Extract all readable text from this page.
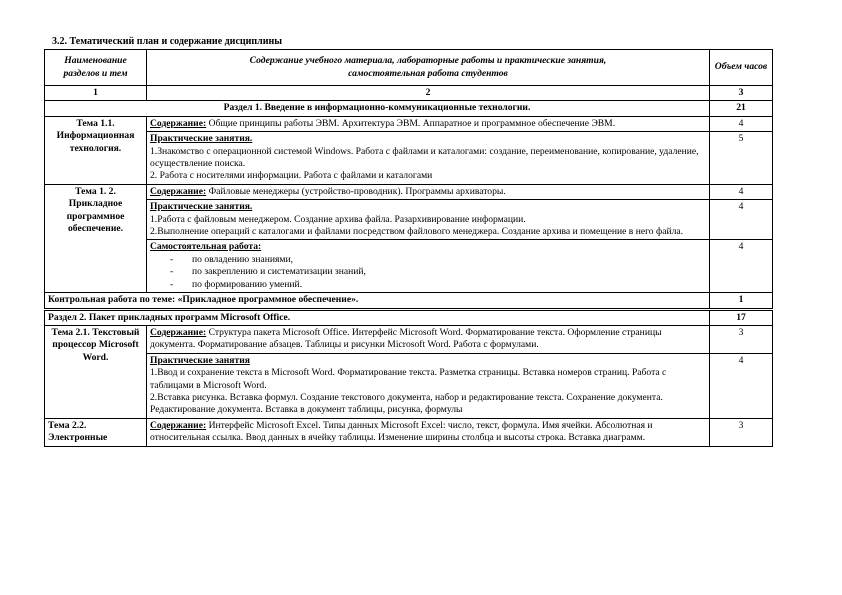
3.2. Тематический план и содержание дисциплины
Наименование разделов и тем	Содержание учебного материала, лабораторные работы и практические занятия,
самостоятельная работа студентов	Объем часов
1	2	3
Раздел 1. Введение в информационно-коммуникационные технологии.		21
Тема 1.1. Информационная технология.	Содержание: Общие принципы работы ЭВМ. Архитектура ЭВМ. Аппаратное и программное обеспечение ЭВМ.	4

	Практические занятия.
1.Знакомство с операционной системой Windows. Работа с файлами и каталогами: создание, переименование, копирование, удаление, осуществление поиска.
2. Работа с носителями информации. Работа с файлами и каталогами	5
Тема 1. 2. Прикладное программное обеспечение.	Содержание: Файловые менеджеры (устройство-проводник). Программы архиваторы.	4

	Практические занятия.
1.Работа с файловым менеджером. Создание архива файла. Разархивирование информации.
2.Выполнение операций с каталогами и файлами посредством файлового менеджера. Создание архива и помещение в него файла.	4

	Самостоятельная работа:
- по овладению знаниями,
- по закреплению и систематизации знаний,
- по формированию умений.	4
Контрольная работа по теме: «Прикладное программное обеспечение».		1
Раздел 2. Пакет прикладных программ Microsoft Office.		17
Тема 2.1. Текстовый процессор Microsoft Word.	Содержание: Структура пакета Microsoft Office. Интерфейс Microsoft Word. Форматирование текста. Оформление страницы документа. Форматирование абзацев. Таблицы и рисунки Microsoft Word. Работа с формулами.	3

	Практические занятия
1.Ввод и сохранение текста в Microsoft Word. Форматирование текста. Разметка страницы. Вставка номеров страниц. Работа с таблицами в Microsoft Word.
2.Вставка рисунка. Вставка формул. Создание текстового документа, набор и редактирование текста. Сохранение документа. Редактирование документа. Вставка в документ таблицы, рисунка, формулы	4
Тема 2.2. Электронные	Содержание: Интерфейс Microsoft Excel. Типы данных Microsoft Excel: число, текст, формула. Имя ячейки. Абсолютная и относительная ссылка. Ввод данных в ячейку таблицы. Изменение ширины столбца и высоты строка. Вставка диаграмм.	3
